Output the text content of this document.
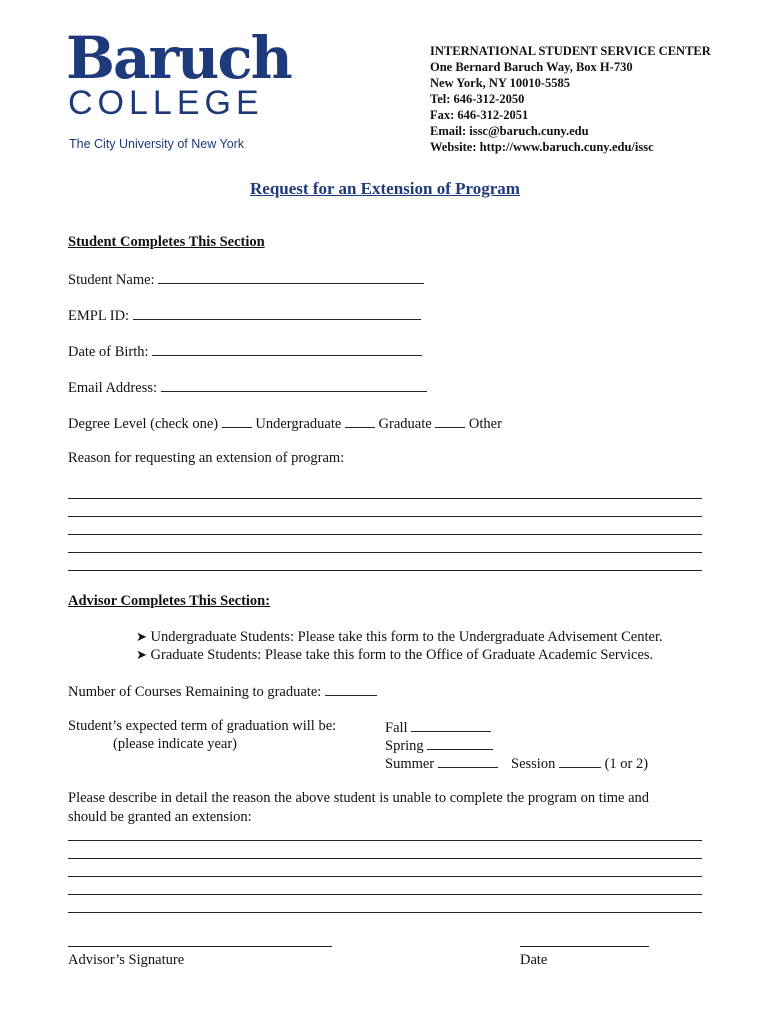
Baruch
COLLEGE
The City University of New York
INTERNATIONAL STUDENT SERVICE CENTER
One Bernard Baruch Way, Box H-730
New York, NY 10010-5585
Tel: 646-312-2050
Fax: 646-312-2051
Email: issc@baruch.cuny.edu
Website: http://www.baruch.cuny.edu/issc
Request for an Extension of Program
Student Completes This Section
Student Name:
EMPL ID:
Date of Birth:
Email Address:
Degree Level (check one)	Undergraduate	Graduate	Other
Reason for requesting an extension of program:
Advisor Completes This Section:
➤ Undergraduate Students: Please take this form to the Undergraduate Advisement Center.
➤ Graduate Students: Please take this form to the Office of Graduate Academic Services.
Number of Courses Remaining to graduate:
Student’s expected term of graduation will be:
(please indicate year)
Fall
Spring
Summer	Session	(1 or 2)
Please describe in detail the reason the above student is unable to complete the program on time and
should be granted an extension:
Advisor’s Signature	Date
